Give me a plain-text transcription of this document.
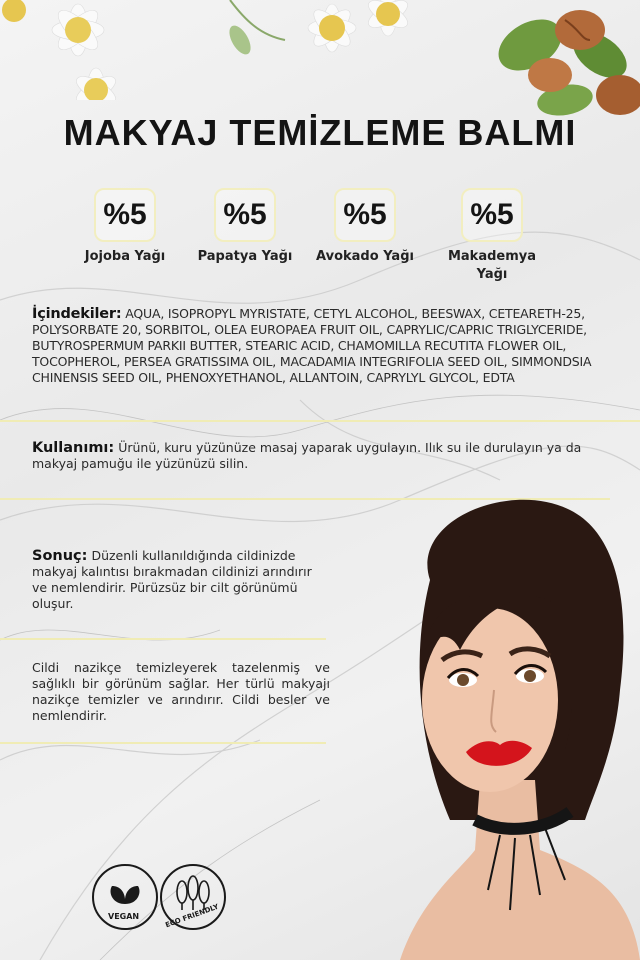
MAKYAJ TEMİZLEME BALMI
%5
Jojoba Yağı
%5
Papatya Yağı
%5
Avokado Yağı
%5
Makademya Yağı

İçindekiler: AQUA, ISOPROPYL MYRISTATE, CETYL ALCOHOL, BEESWAX, CETEARETH-25, POLYSORBATE 20, SORBITOL, OLEA EUROPAEA FRUIT OIL, CAPRYLIC/CAPRIC TRIGLYCERIDE, BUTYROSPERMUM PARKII BUTTER, STEARIC ACID, CHAMOMILLA RECUTITA FLOWER OIL, TOCOPHEROL, PERSEA GRATISSIMA OIL, MACADAMIA INTEGRIFOLIA SEED OIL, SIMMONDSIA CHINENSIS SEED OIL, PHENOXYETHANOL, ALLANTOIN, CAPRYLYL GLYCOL, EDTA

Kullanımı: Ürünü, kuru yüzünüze masaj yaparak uygulayın. Ilık su ile durulayın ya da makyaj pamuğu ile yüzünüzü silin.

Sonuç: Düzenli kullanıldığında cildinizde makyaj kalıntısı bırakmadan cildinizi arındırır ve nemlendirir. Pürüzsüz bir cilt görünümü oluşur.

Cildi nazikçe temizleyerek tazelenmiş ve sağlıklı bir görünüm sağlar. Her türlü makyajı nazikçe temizler ve arındırır. Cildi besler ve nemlendirir.

VEGAN	ECO FRIENDLY
